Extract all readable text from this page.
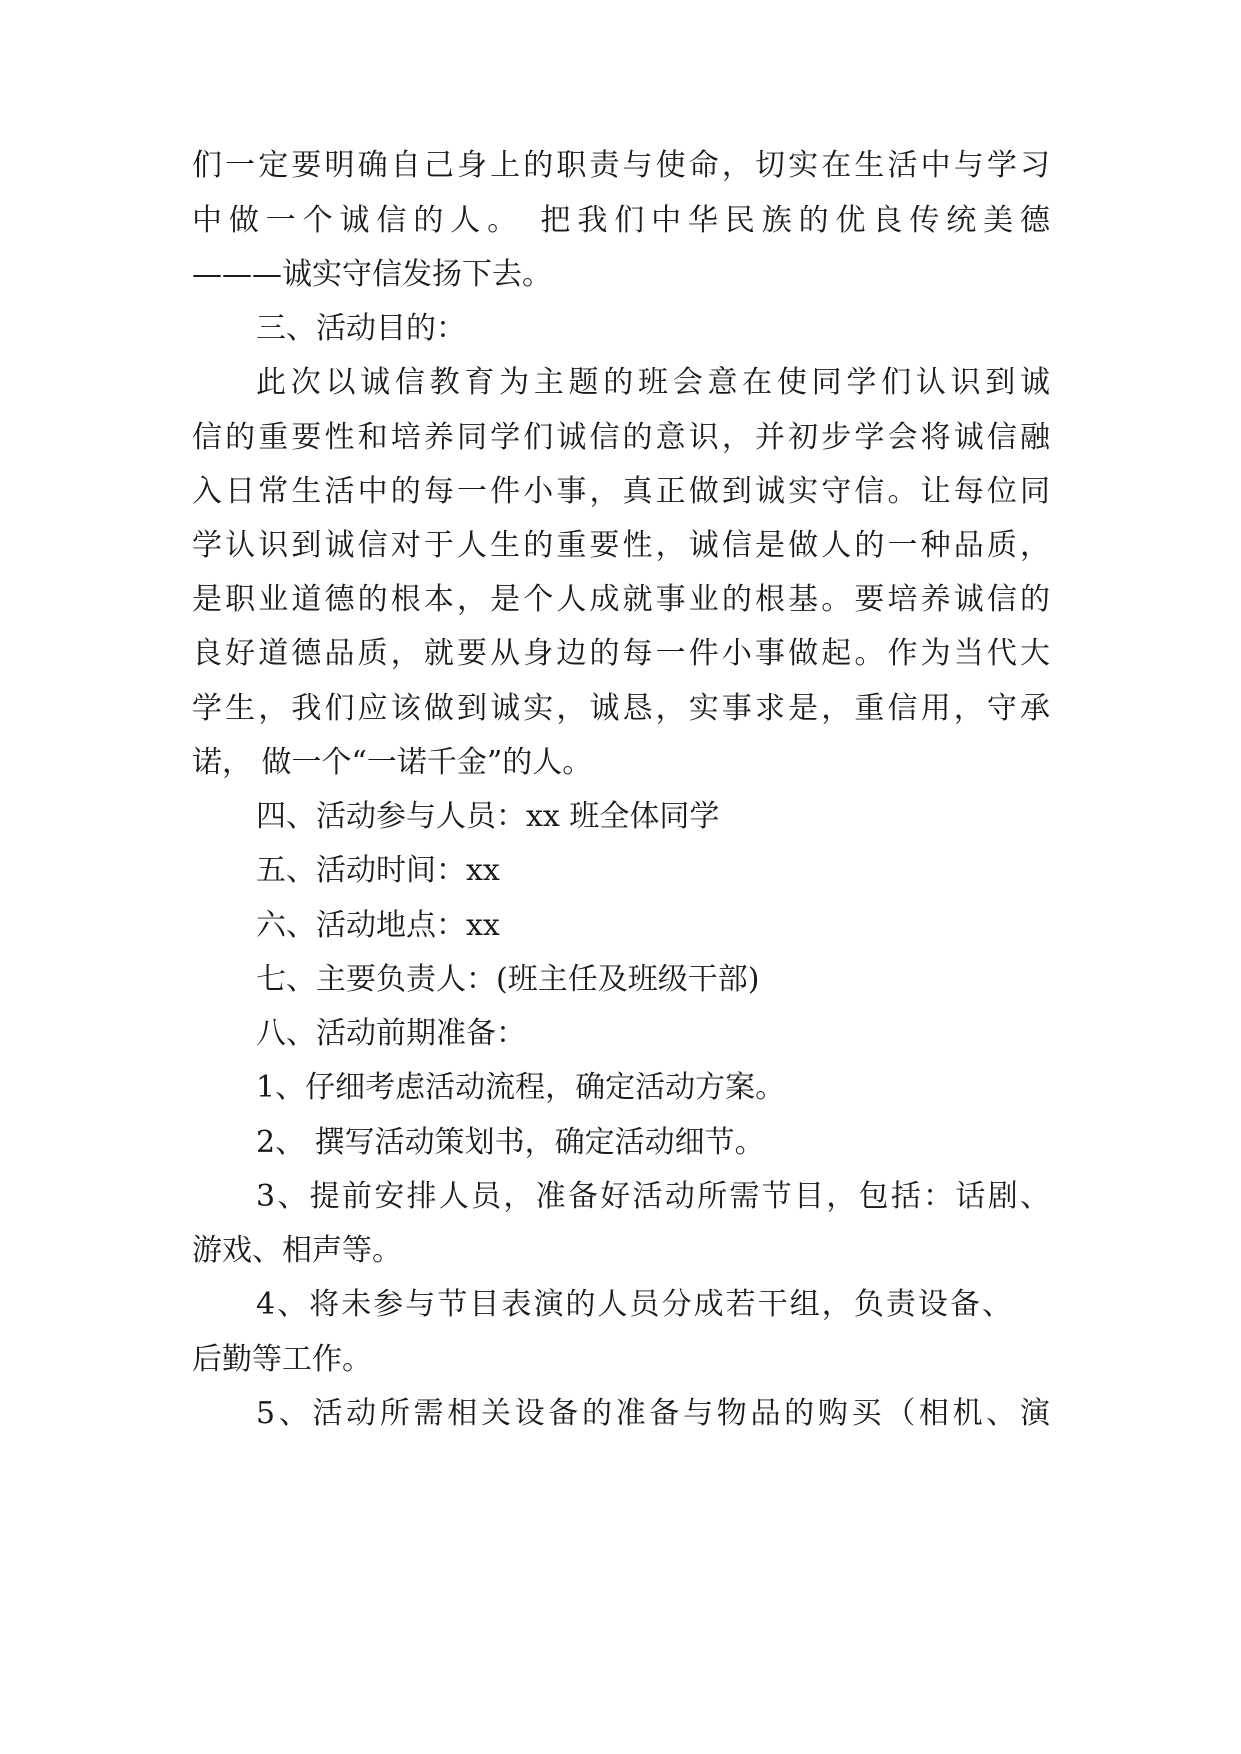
们一定要明确自己身上的职责与使命，切实在生活中与学习
中做一个诚信的人。 把我们中华民族的优良传统美德
———诚实守信发扬下去。
三、活动目的：
此次以诚信教育为主题的班会意在使同学们认识到诚
信的重要性和培养同学们诚信的意识，并初步学会将诚信融
入日常生活中的每一件小事，真正做到诚实守信。让每位同
学认识到诚信对于人生的重要性，诚信是做人的一种品质，
是职业道德的根本，是个人成就事业的根基。要培养诚信的
良好道德品质，就要从身边的每一件小事做起。作为当代大
学生，我们应该做到诚实，诚恳，实事求是，重信用，守承
诺， 做一个“一诺千金”的人。
四、活动参与人员：xx 班全体同学
五、活动时间：xx
六、活动地点：xx
七、主要负责人：(班主任及班级干部)
八、活动前期准备：
1、仔细考虑活动流程，确定活动方案。
2、 撰写活动策划书，确定活动细节。
3、提前安排人员，准备好活动所需节目，包括：话剧、
游戏、相声等。
4、将未参与节目表演的人员分成若干组，负责设备、
后勤等工作。
5、活动所需相关设备的准备与物品的购买（相机、演
